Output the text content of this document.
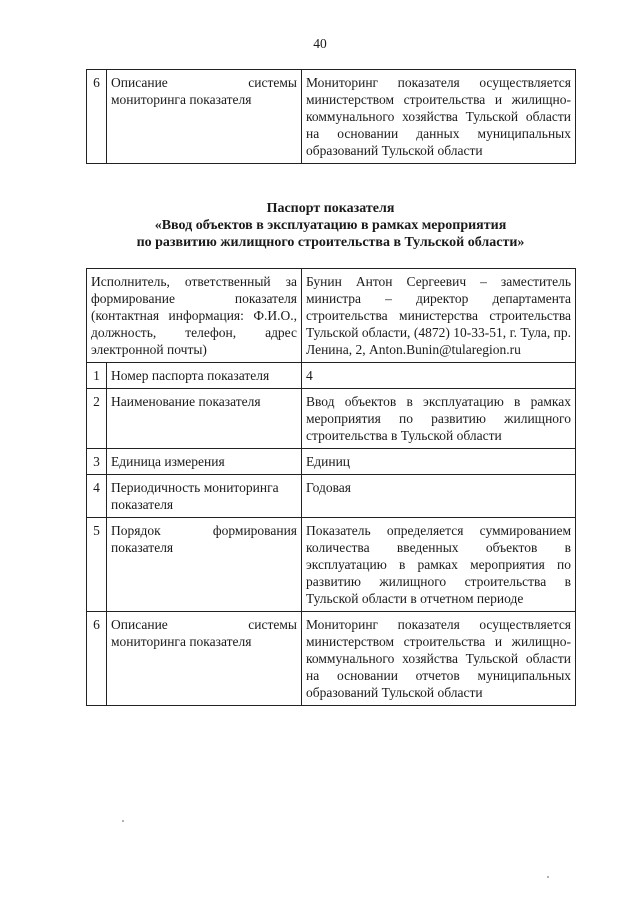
40
6	Описание системы мониторинга показателя	Мониторинг показателя осуществляется министерством строительства и жилищно-коммунального хозяйства Тульской области на основании данных муниципальных образований Тульской области
Паспорт показателя
«Ввод объектов в эксплуатацию в рамках мероприятия
по развитию жилищного строительства в Тульской области»
Исполнитель, ответственный за формирование показателя (контактная информация: Ф.И.О., должность, телефон, адрес электронной почты)		Бунин Антон Сергеевич – заместитель министра – директор департамента строительства министерства строительства Тульской области, (4872) 10-33-51, г. Тула, пр. Ленина, 2, Anton.Bunin@tularegion.ru
1	Номер паспорта показателя	4
2	Наименование показателя	Ввод объектов в эксплуатацию в рамках мероприятия по развитию жилищного строительства в Тульской области
3	Единица измерения	Единиц
4	Периодичность мониторинга показателя	Годовая
5	Порядок формирования показателя	Показатель определяется суммированием количества введенных объектов в эксплуатацию в рамках мероприятия по развитию жилищного строительства в Тульской области в отчетном периоде
6	Описание системы мониторинга показателя	Мониторинг показателя осуществляется министерством строительства и жилищно-коммунального хозяйства Тульской области на основании отчетов муниципальных образований Тульской области
